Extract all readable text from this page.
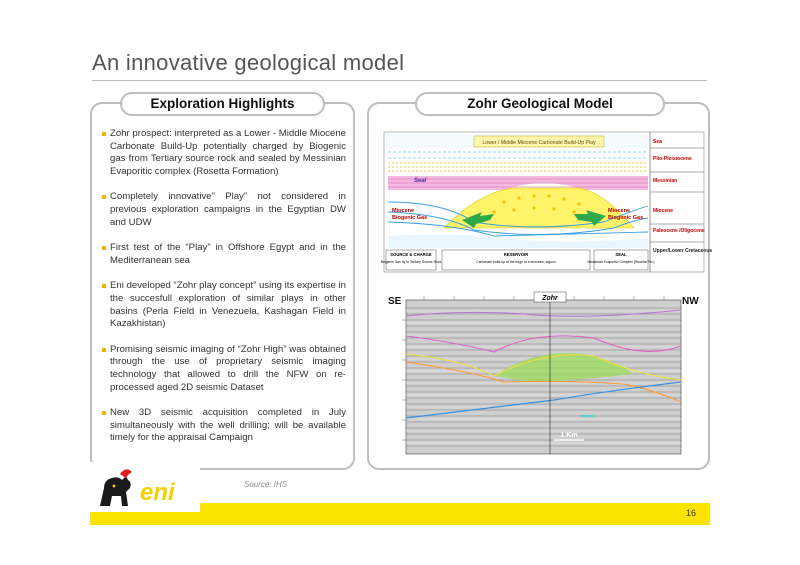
An innovative geological model
Exploration Highlights
Zohr prospect: interpreted as a Lower - Middle Miocene Carbonate Build-Up potentially charged by Biogenic gas from Tertiary source rock and sealed by Messinian Evaporitic complex (Rosetta Formation)
Completely innovative” Play” not considered in previous exploration campaigns in the Egyptian DW and UDW
First test of the “Play” in Offshore Egypt and in the Mediterranean sea
Eni developed “Zohr play concept” using its expertise in the succesfull exploration of similar plays in other basins (Perla Field in Venezuela, Kashagan Field in Kazakhistan)
Promising seismic imaging of “Zohr High” was obtained through the use of proprietary seismic imaging technology that allowed to drill the NFW on re-processed aged 2D seismic Dataset
New 3D seismic acquisition completed in July simultaneously with the well drilling; will be available timely for the appraisal Campaign
Zohr Geological Model
Lower / Middle Miocene Carbonate Build-Up Play
Seal
Miocene
Biogenic Gas
Miocene
Biogenic Gas
Sea
Plio-Pleistocene
Messinian
Miocene
Paleocene /Oligocene
Upper/Lower Cretaceous
SOURCE & CHARGE
Biogenic Gas by in Tertiary Source Rock
RESERVOIR
Carbonate build-up at the edge of a structure, lagoon
SEAL
Messinian Evaporitic Complex (Rosetta Fm.)
Zohr
SE	NW
1 Km
Source: IHS
16
eni
